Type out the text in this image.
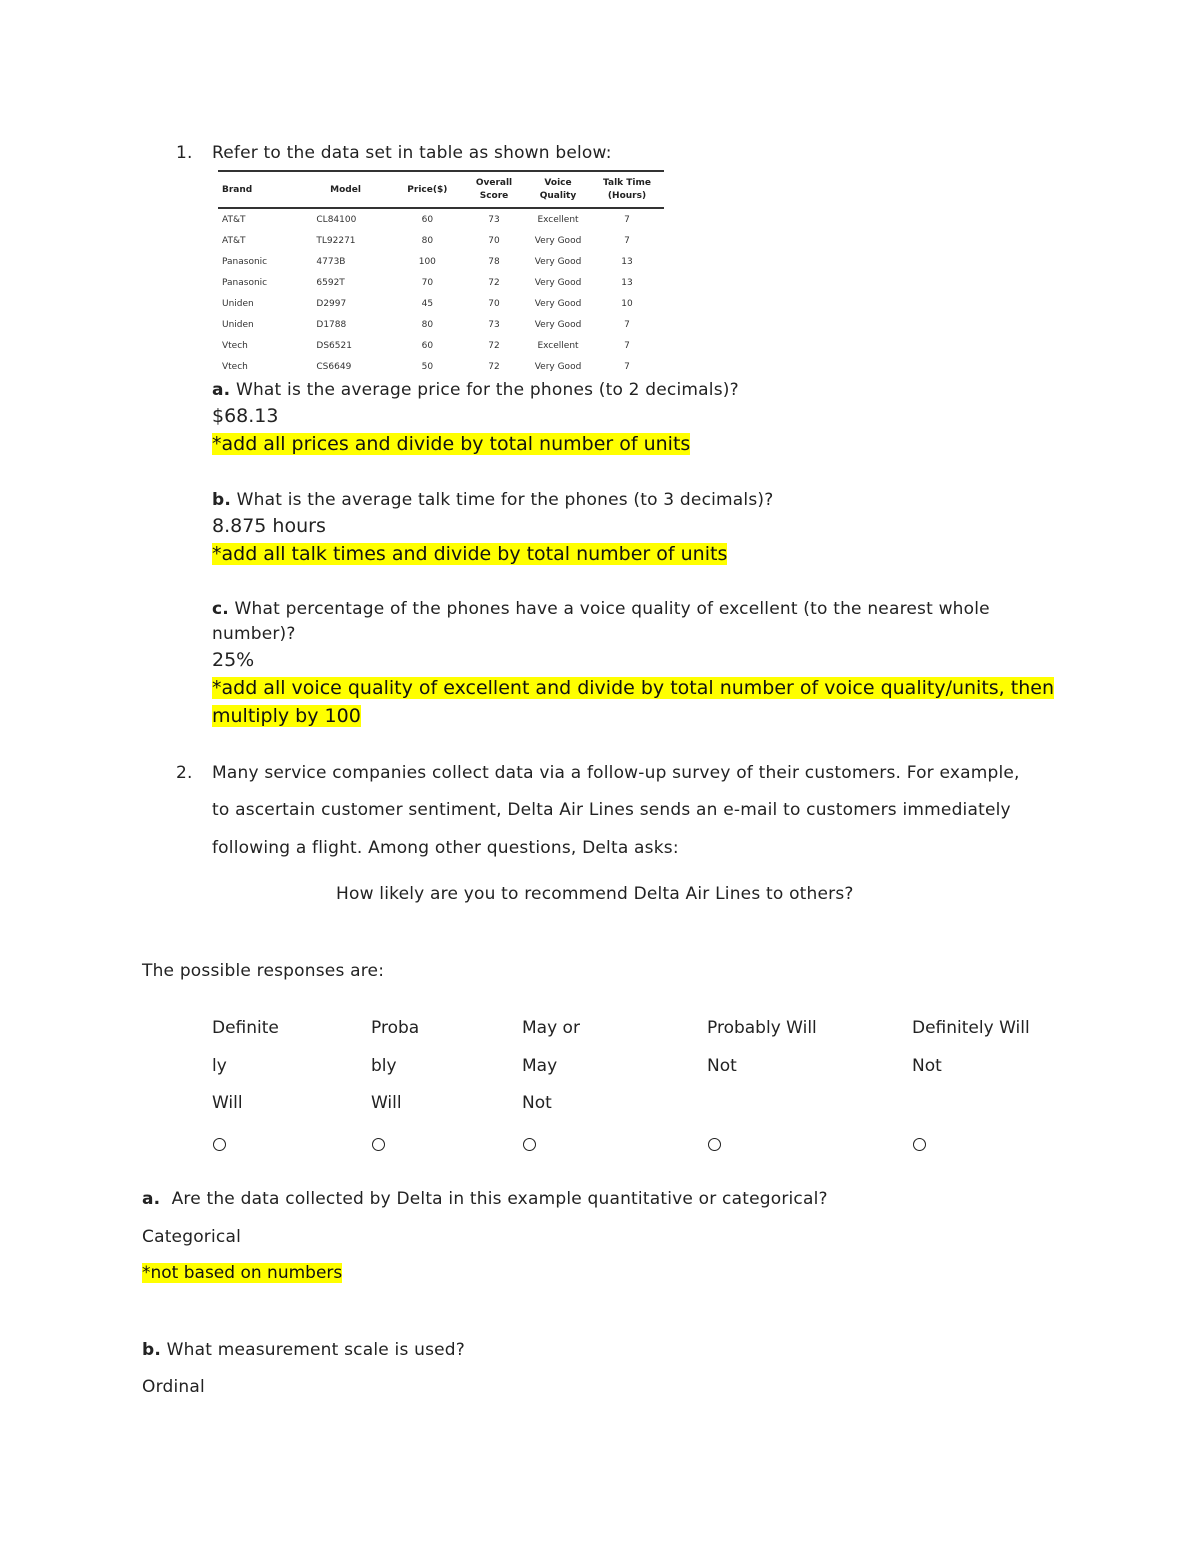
1. Refer to the data set in table as shown below:
Brand	Model	Price($)	Overall Score	Voice Quality	Talk Time (Hours)
AT&T	CL84100	60	73	Excellent	7
AT&T	TL92271	80	70	Very Good	7
Panasonic	4773B	100	78	Very Good	13
Panasonic	6592T	70	72	Very Good	13
Uniden	D2997	45	70	Very Good	10
Uniden	D1788	80	73	Very Good	7
Vtech	DS6521	60	72	Excellent	7
Vtech	CS6649	50	72	Very Good	7
a. What is the average price for the phones (to 2 decimals)?
$68.13
*add all prices and divide by total number of units
b. What is the average talk time for the phones (to 3 decimals)?
8.875 hours
*add all talk times and divide by total number of units
c. What percentage of the phones have a voice quality of excellent (to the nearest whole
number)?
25%
*add all voice quality of excellent and divide by total number of voice quality/units, then
multiply by 100
2. Many service companies collect data via a follow-up survey of their customers. For example,
to ascertain customer sentiment, Delta Air Lines sends an e-mail to customers immediately
following a flight. Among other questions, Delta asks:
How likely are you to recommend Delta Air Lines to others?
The possible responses are:
Definite
ly
Will
Proba
bly
Will
May or
May
Not
Probably Will
Not
Definitely Will
Not
a. Are the data collected by Delta in this example quantitative or categorical?
Categorical
*not based on numbers
b. What measurement scale is used?
Ordinal
